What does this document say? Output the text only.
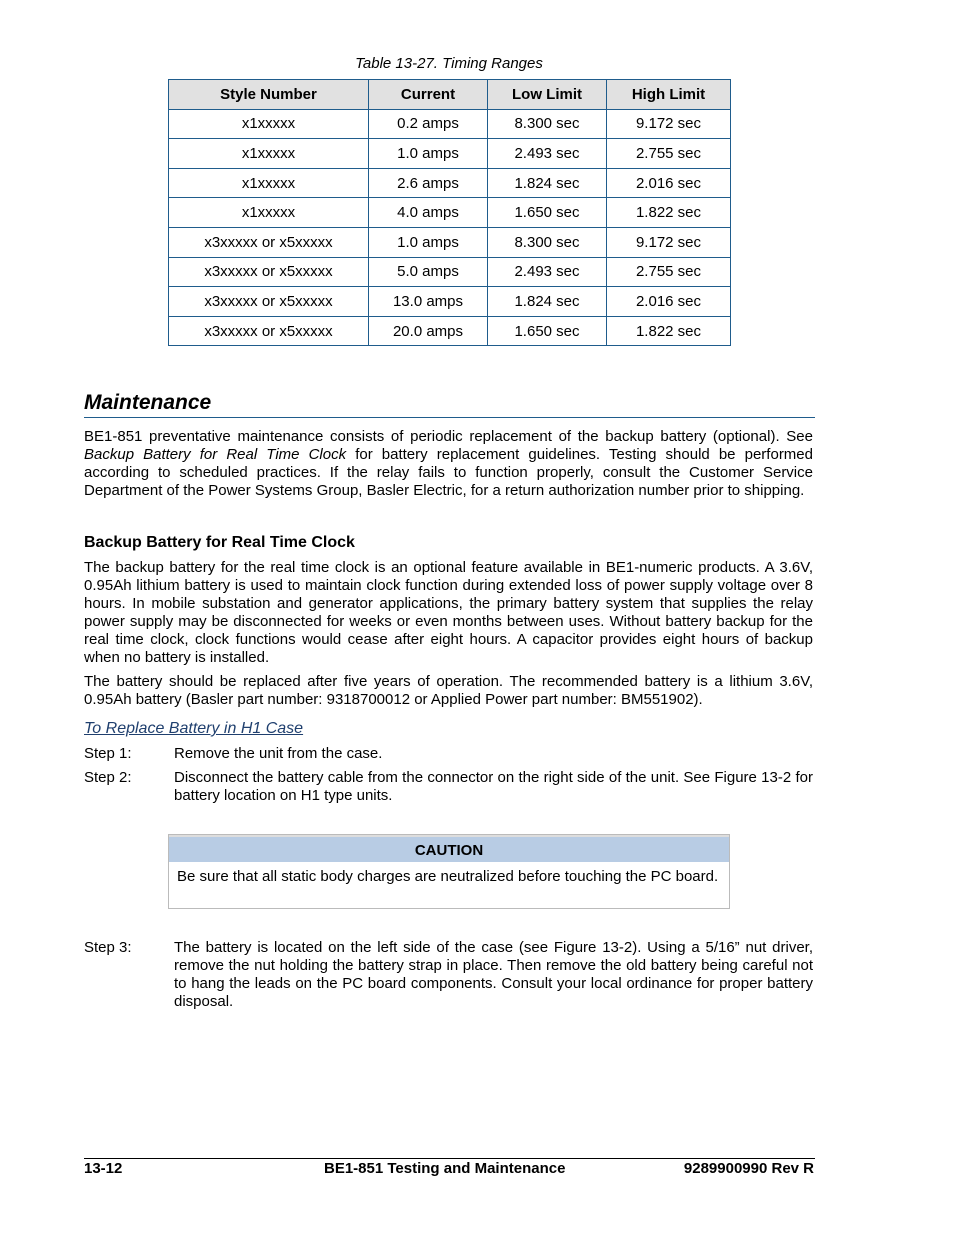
Table 13-27. Timing Ranges
Style Number	Current	Low Limit	High Limit
x1xxxxx	0.2 amps	8.300 sec	9.172 sec
x1xxxxx	1.0 amps	2.493 sec	2.755 sec
x1xxxxx	2.6 amps	1.824 sec	2.016 sec
x1xxxxx	4.0 amps	1.650 sec	1.822 sec
x3xxxxx or x5xxxxx	1.0 amps	8.300 sec	9.172 sec
x3xxxxx or x5xxxxx	5.0 amps	2.493 sec	2.755 sec
x3xxxxx or x5xxxxx	13.0 amps	1.824 sec	2.016 sec
x3xxxxx or x5xxxxx	20.0 amps	1.650 sec	1.822 sec
Maintenance

BE1-851 preventative maintenance consists of periodic replacement of the backup battery (optional). See Backup Battery for Real Time Clock for battery replacement guidelines. Testing should be performed according to scheduled practices. If the relay fails to function properly, consult the Customer Service Department of the Power Systems Group, Basler Electric, for a return authorization number prior to shipping.

Backup Battery for Real Time Clock

The backup battery for the real time clock is an optional feature available in BE1-numeric products. A 3.6V, 0.95Ah lithium battery is used to maintain clock function during extended loss of power supply voltage over 8 hours. In mobile substation and generator applications, the primary battery system that supplies the relay power supply may be disconnected for weeks or even months between uses. Without battery backup for the real time clock, clock functions would cease after eight hours. A capacitor provides eight hours of backup when no battery is installed.

The battery should be replaced after five years of operation. The recommended battery is a lithium 3.6V, 0.95Ah battery (Basler part number: 9318700012 or Applied Power part number: BM551902).

To Replace Battery in H1 Case
Step 1:	Remove the unit from the case.
Step 2:	Disconnect the battery cable from the connector on the right side of the unit. See Figure 13-2 for battery location on H1 type units.
CAUTION
Be sure that all static body charges are neutralized before touching the PC board.
Step 3:	The battery is located on the left side of the case (see Figure 13-2). Using a 5/16” nut driver, remove the nut holding the battery strap in place. Then remove the old battery being careful not to hang the leads on the PC board components. Consult your local ordinance for proper battery disposal.
13-12	BE1-851 Testing and Maintenance	9289900990 Rev R
